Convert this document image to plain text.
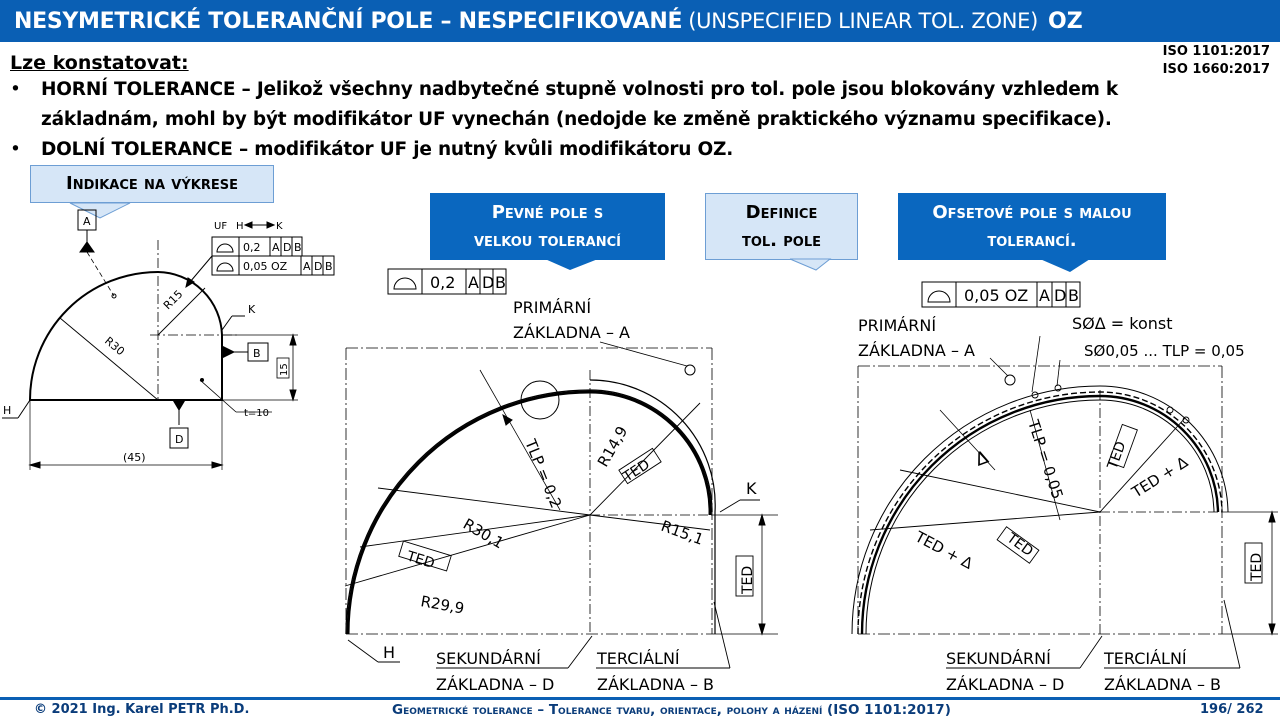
NESYMETRICKÉ TOLERANČNÍ POLE – NESPECIFIKOVANÉ (UNSPECIFIED LINEAR TOL. ZONE) OZ
ISO 1101:2017
ISO 1660:2017
Lze konstatovat:
• HORNÍ TOLERANCE – Jelikož všechny nadbytečné stupně volnosti pro tol. pole jsou blokovány vzhledem k
základnám, mohl by být modifikátor UF vynechán (nedojde ke změně praktického významu specifikace).
• DOLNÍ TOLERANCE – modifikátor UF je nutný kvůli modifikátoru OZ.
Indikace na výkrese
Pevné pole s
velkou tolerancí
Definice
tol. pole
Ofsetové pole s malou
tolerancí.
A
B
D
H
K
UF H	K
0,2 A D B
0,05 OZ A D B
R15
R30
15
(45)
t=10
0,2 A D B
PRIMÁRNÍ
ZÁKLADNA – A
TLP = 0,2 R14,9
TED
R15,1
TED
R30,1
TED
R29,9
K
H	SEKUNDÁRNÍ
ZÁKLADNA – D
TERCIÁLNÍ
ZÁKLADNA – B
0,05 OZ A D B
PRIMÁRNÍ
ZÁKLADNA – A
SØΔ = konst
SØ0,05 ... TLP = 0,05
Δ TLP = 0,05	TED TED + Δ
TED
TED + Δ	TED
SEKUNDÁRNÍ
ZÁKLADNA – D
TERCIÁLNÍ
ZÁKLADNA – B
© 2021 Ing. Karel PETR Ph.D.	Geometrické tolerance – Tolerance tvaru, orientace, polohy a házení (ISO 1101:2017)	196/ 262
